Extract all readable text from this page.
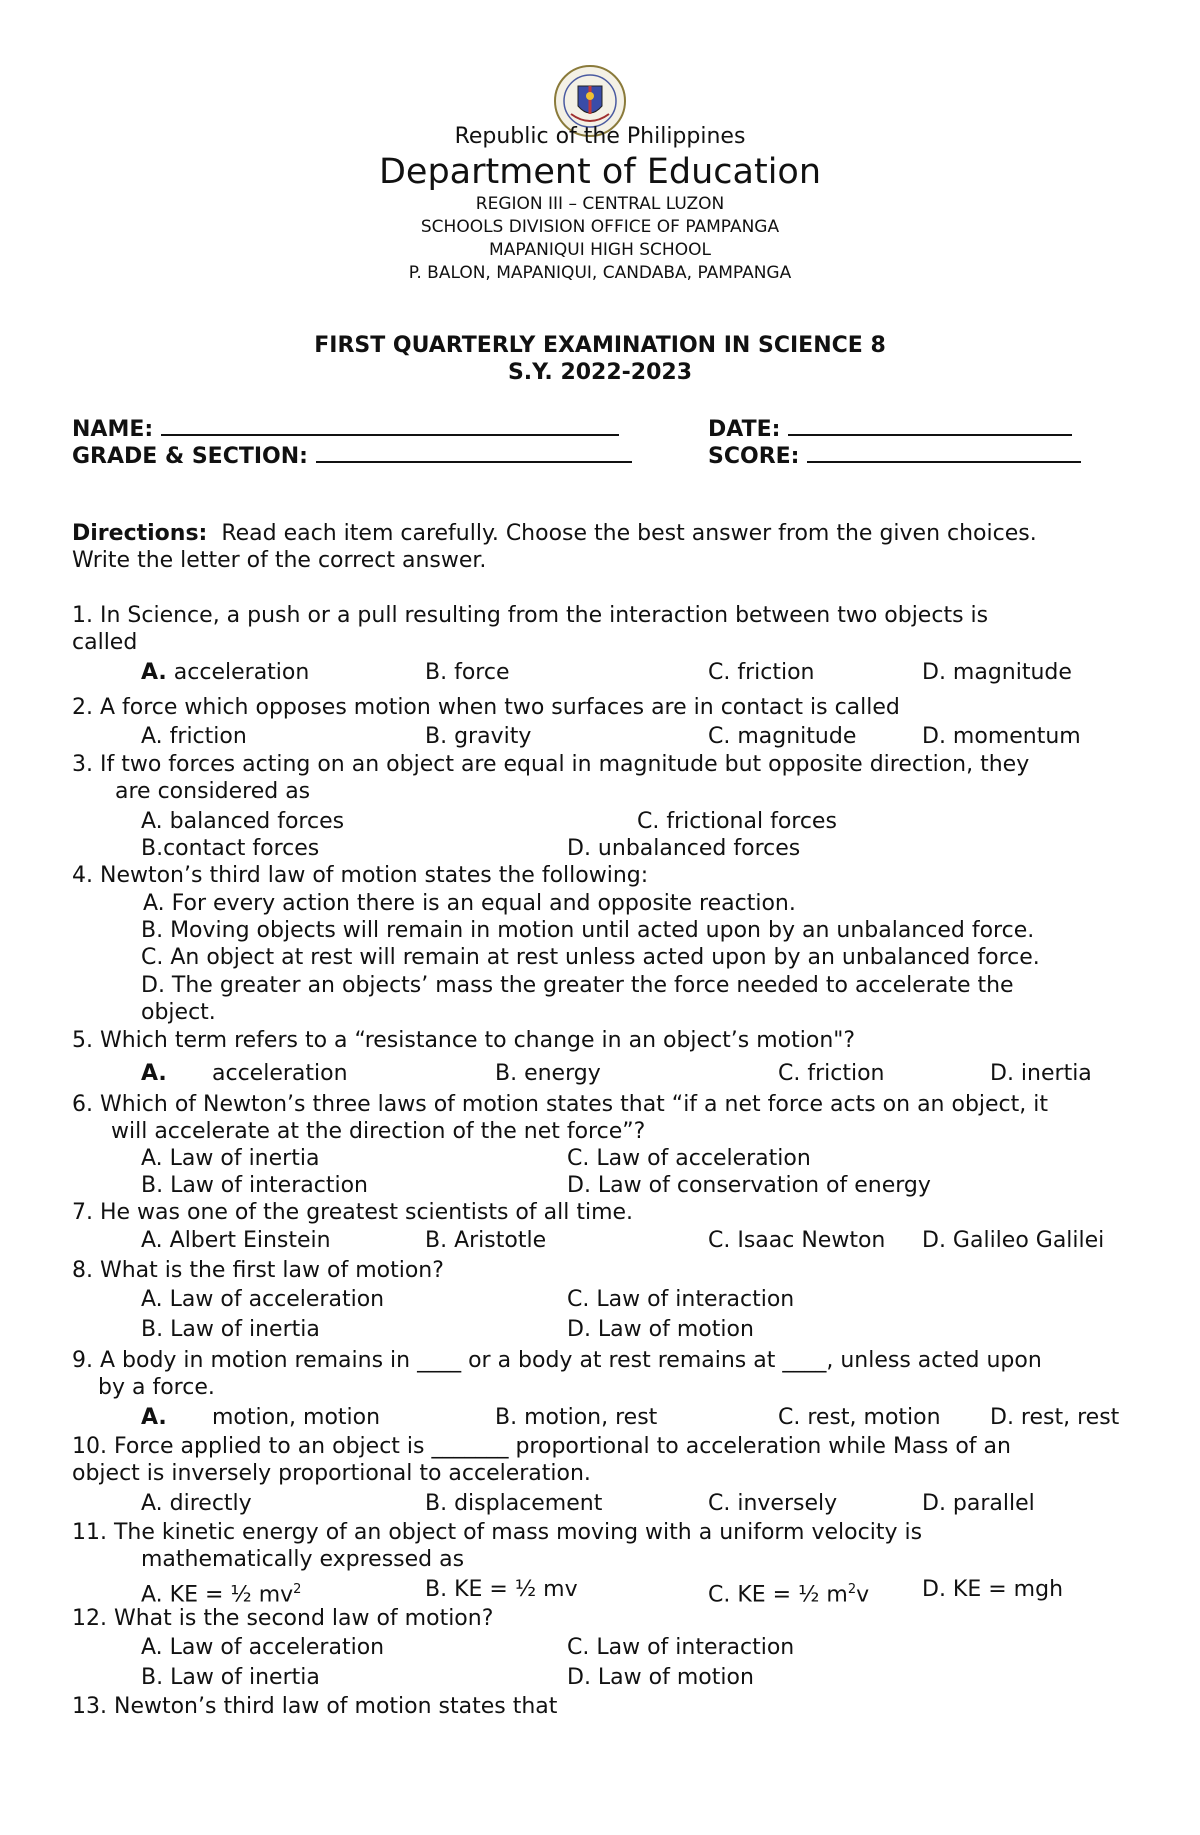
Republic of the Philippines
Department of Education
REGION III – CENTRAL LUZON
SCHOOLS DIVISION OFFICE OF PAMPANGA
MAPANIQUI HIGH SCHOOL
P. BALON, MAPANIQUI, CANDABA, PAMPANGA
FIRST QUARTERLY EXAMINATION IN SCIENCE 8
S.Y. 2022-2023
NAME:	DATE:
GRADE & SECTION:	SCORE:
Directions: Read each item carefully. Choose the best answer from the given choices.
Write the letter of the correct answer.
1. In Science, a push or a pull resulting from the interaction between two objects is
called
A. acceleration	B. force	C. friction	D. magnitude
2. A force which opposes motion when two surfaces are in contact is called
A. friction	B. gravity	C. magnitude	D. momentum
3. If two forces acting on an object are equal in magnitude but opposite direction, they
are considered as
A. balanced forces	C. frictional forces
B.contact forces	D. unbalanced forces
4. Newton’s third law of motion states the following:
A. For every action there is an equal and opposite reaction.
B. Moving objects will remain in motion until acted upon by an unbalanced force.
C. An object at rest will remain at rest unless acted upon by an unbalanced force.
D. The greater an objects’ mass the greater the force needed to accelerate the
object.
5. Which term refers to a “resistance to change in an object’s motion"?
A. acceleration	B. energy	C. friction	D. inertia
6. Which of Newton’s three laws of motion states that “if a net force acts on an object, it
will accelerate at the direction of the net force”?
A. Law of inertia	C. Law of acceleration
B. Law of interaction	D. Law of conservation of energy
7. He was one of the greatest scientists of all time.
A. Albert Einstein	B. Aristotle	C. Isaac Newton D. Galileo Galilei
8. What is the first law of motion?
A. Law of acceleration	C. Law of interaction
B. Law of inertia	D. Law of motion
9. A body in motion remains in ____ or a body at rest remains at ____, unless acted upon
by a force.
A. motion, motion	B. motion, rest	C. rest, motion D. rest, rest
10. Force applied to an object is _______ proportional to acceleration while Mass of an
object is inversely proportional to acceleration.
A. directly	B. displacement	C. inversely	D. parallel
11. The kinetic energy of an object of mass moving with a uniform velocity is
mathematically expressed as
A. KE = ½ $mv^2$	B. KE = ½ mv	C. KE = ½ $m^2v$ D. KE = mgh
12. What is the second law of motion?
A. Law of acceleration	C. Law of interaction
B. Law of inertia	D. Law of motion
13. Newton’s third law of motion states that
